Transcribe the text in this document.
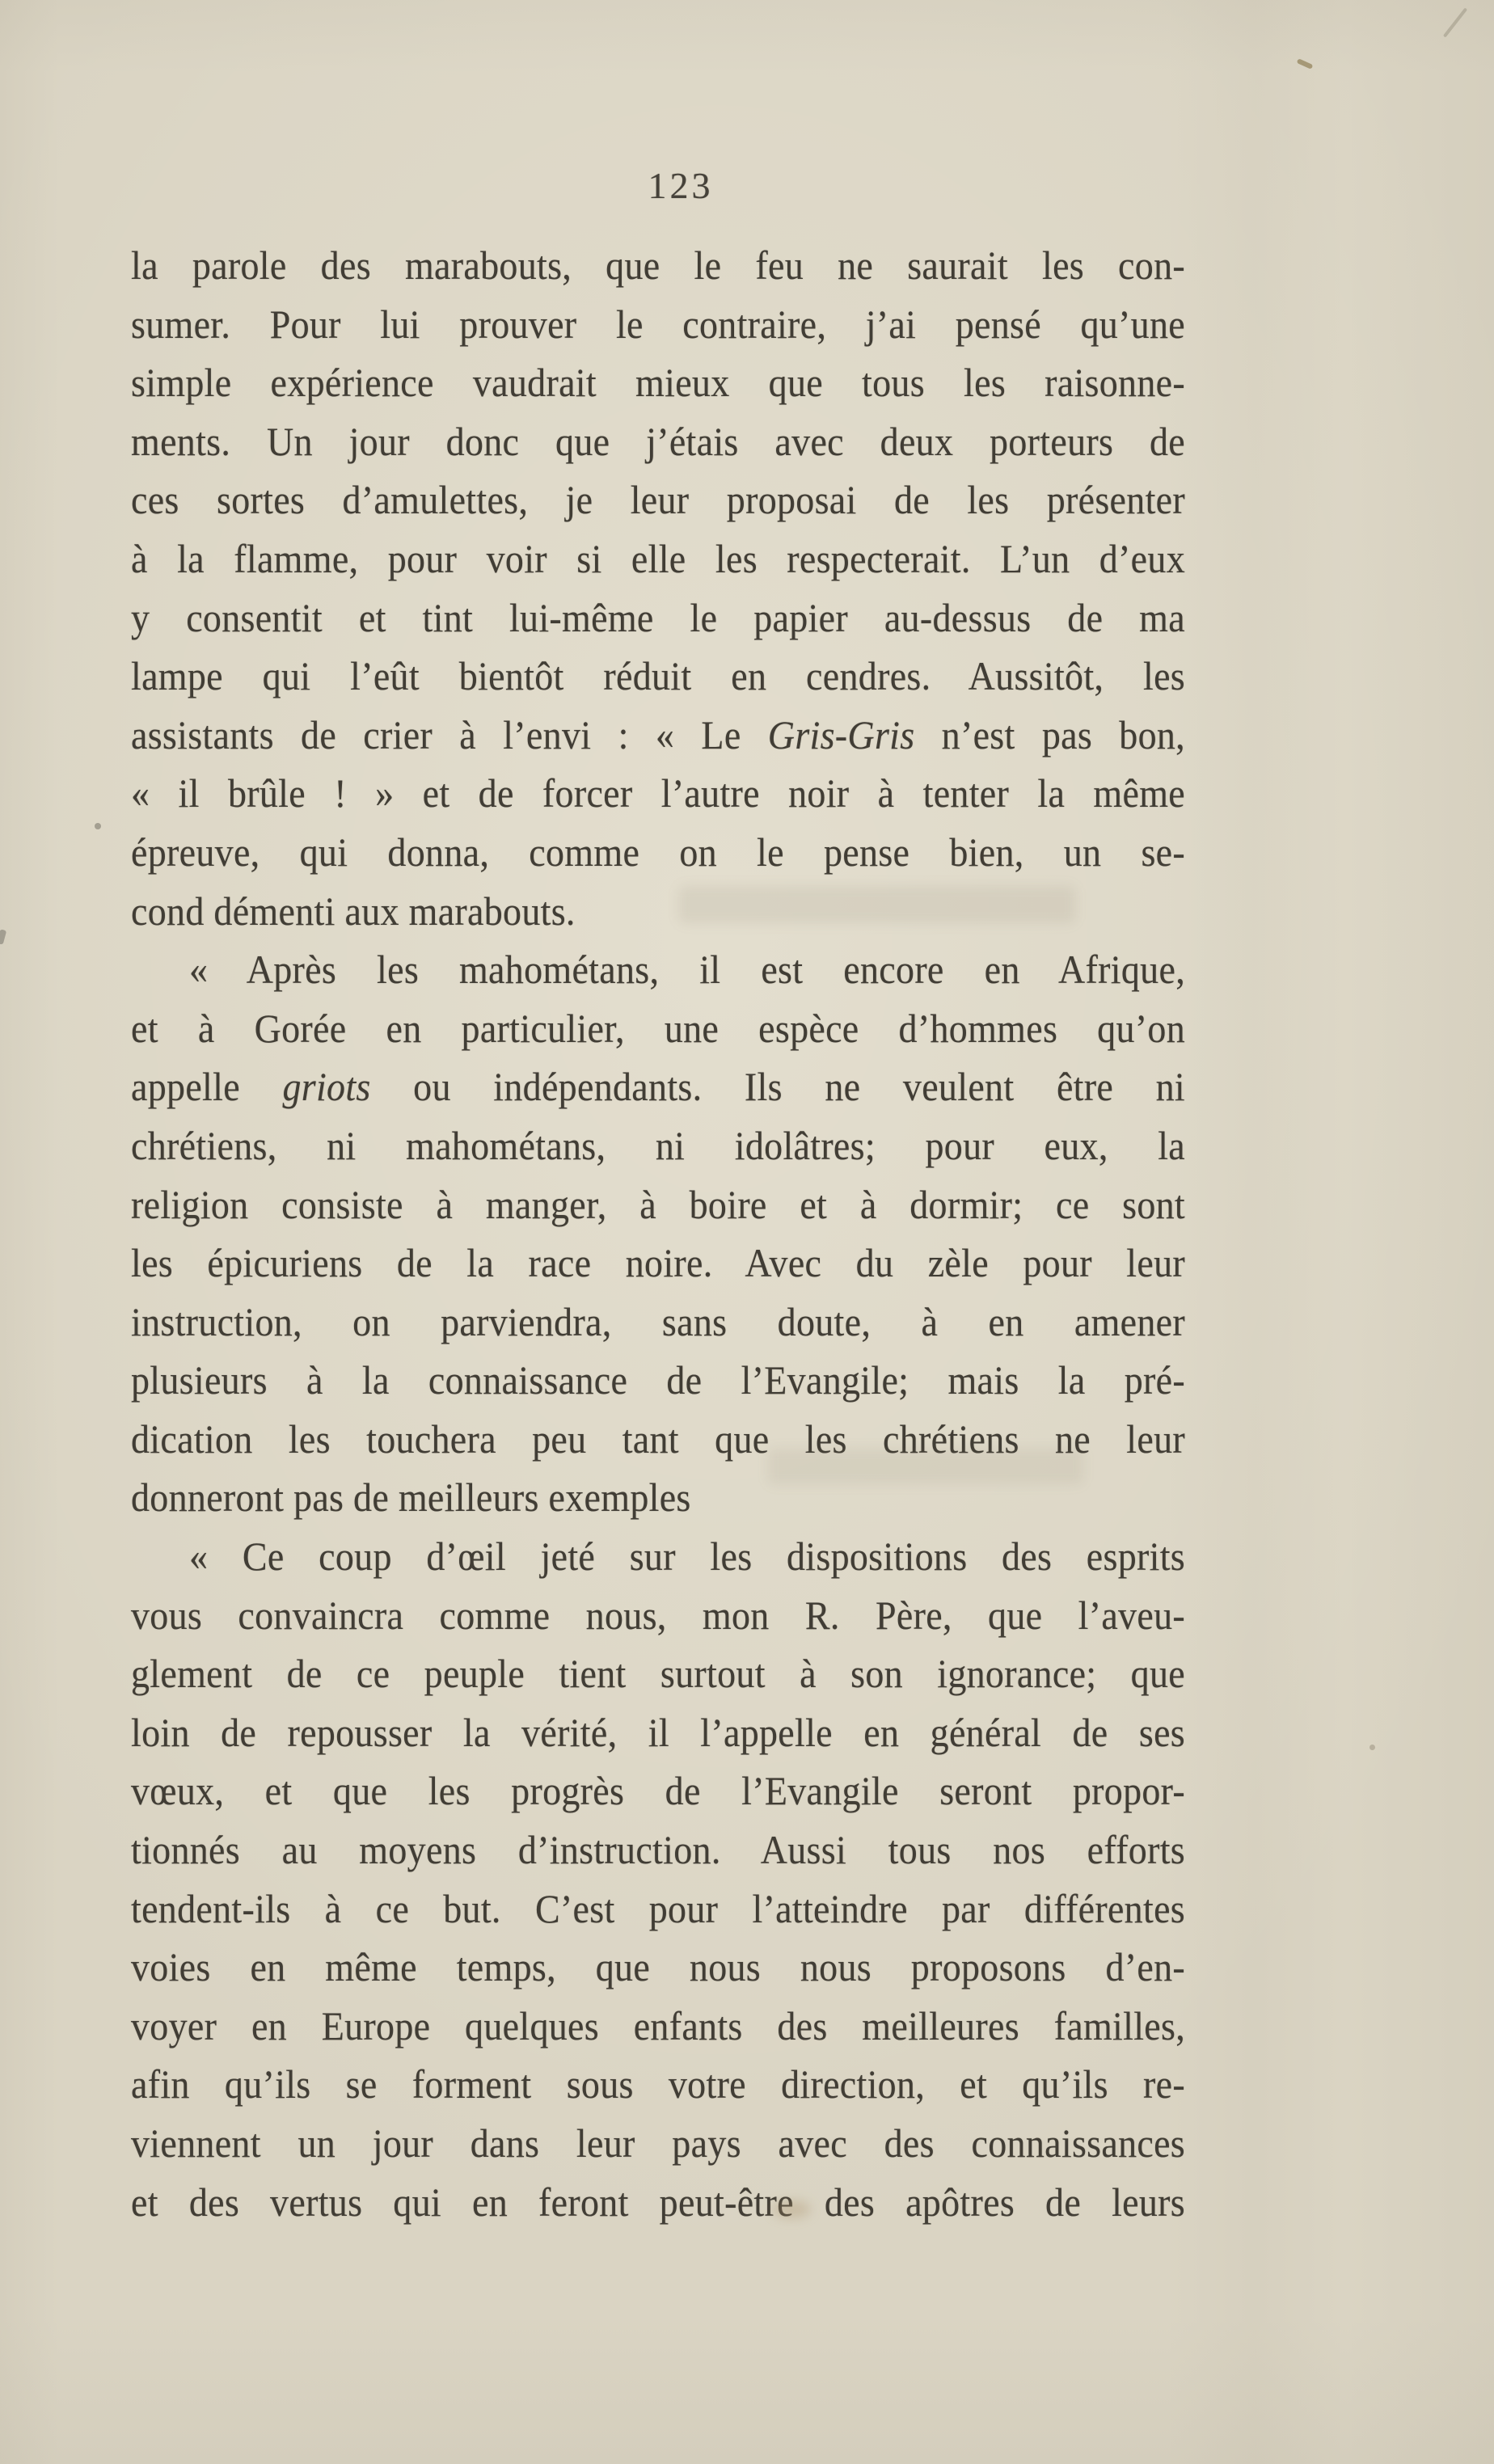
123
la parole des marabouts, que le feu ne saurait les con-
sumer. Pour lui prouver le contraire, j’ai pensé qu’une
simple expérience vaudrait mieux que tous les raisonne-
ments. Un jour donc que j’étais avec deux porteurs de
ces sortes d’amulettes, je leur proposai de les présenter
à la flamme, pour voir si elle les respecterait. L’un d’eux
y consentit et tint lui-même le papier au-dessus de ma
lampe qui l’eût bientôt réduit en cendres. Aussitôt, les
assistants de crier à l’envi : « Le Gris-Gris n’est pas bon,
« il brûle ! » et de forcer l’autre noir à tenter la même
épreuve, qui donna, comme on le pense bien, un se-
cond démenti aux marabouts.
« Après les mahométans, il est encore en Afrique,
et à Gorée en particulier, une espèce d’hommes qu’on
appelle griots ou indépendants. Ils ne veulent être ni
chrétiens, ni mahométans, ni idolâtres; pour eux, la
religion consiste à manger, à boire et à dormir; ce sont
les épicuriens de la race noire. Avec du zèle pour leur
instruction, on parviendra, sans doute, à en amener
plusieurs à la connaissance de l’Evangile; mais la pré-
dication les touchera peu tant que les chrétiens ne leur
donneront pas de meilleurs exemples
« Ce coup d’œil jeté sur les dispositions des esprits
vous convaincra comme nous, mon R. Père, que l’aveu-
glement de ce peuple tient surtout à son ignorance; que
loin de repousser la vérité, il l’appelle en général de ses
vœux, et que les progrès de l’Evangile seront propor-
tionnés au moyens d’instruction. Aussi tous nos efforts
tendent-ils à ce but. C’est pour l’atteindre par différentes
voies en même temps, que nous nous proposons d’en-
voyer en Europe quelques enfants des meilleures familles,
afin qu’ils se forment sous votre direction, et qu’ils re-
viennent un jour dans leur pays avec des connaissances
et des vertus qui en feront peut-être des apôtres de leurs
